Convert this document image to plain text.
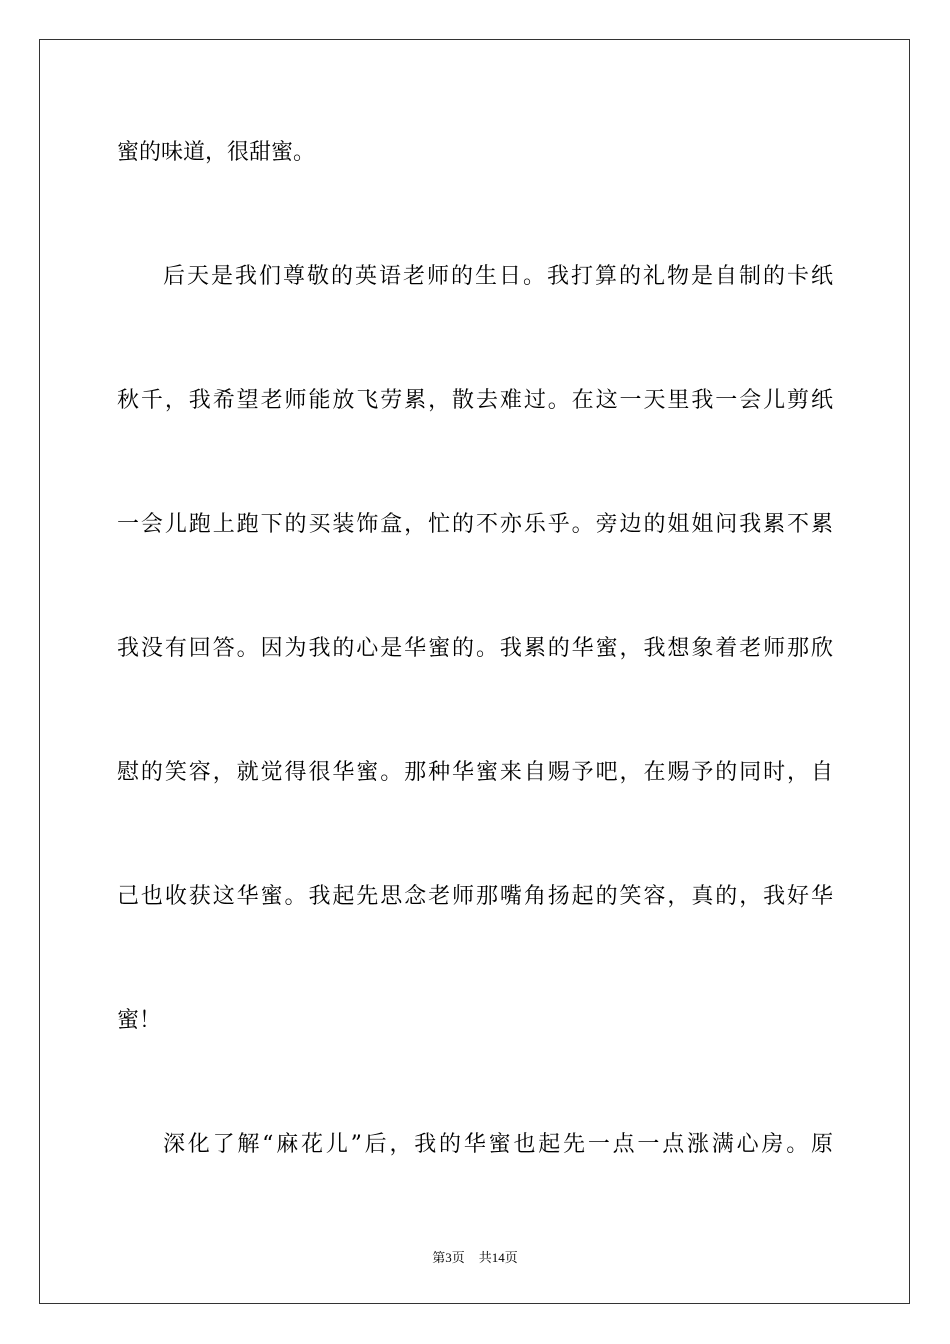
蜜的味道，很甜蜜。
后天是我们尊敬的英语老师的生日。我打算的礼物是自制的卡纸
秋千，我希望老师能放飞劳累，散去难过。在这一天里我一会儿剪纸
一会儿跑上跑下的买装饰盒，忙的不亦乐乎。旁边的姐姐问我累不累
我没有回答。因为我的心是华蜜的。我累的华蜜，我想象着老师那欣
慰的笑容，就觉得很华蜜。那种华蜜来自赐予吧，在赐予的同时，自
己也收获这华蜜。我起先思念老师那嘴角扬起的笑容，真的，我好华
蜜！
深化了解“麻花儿”后，我的华蜜也起先一点一点涨满心房。原
第3页 共14页
